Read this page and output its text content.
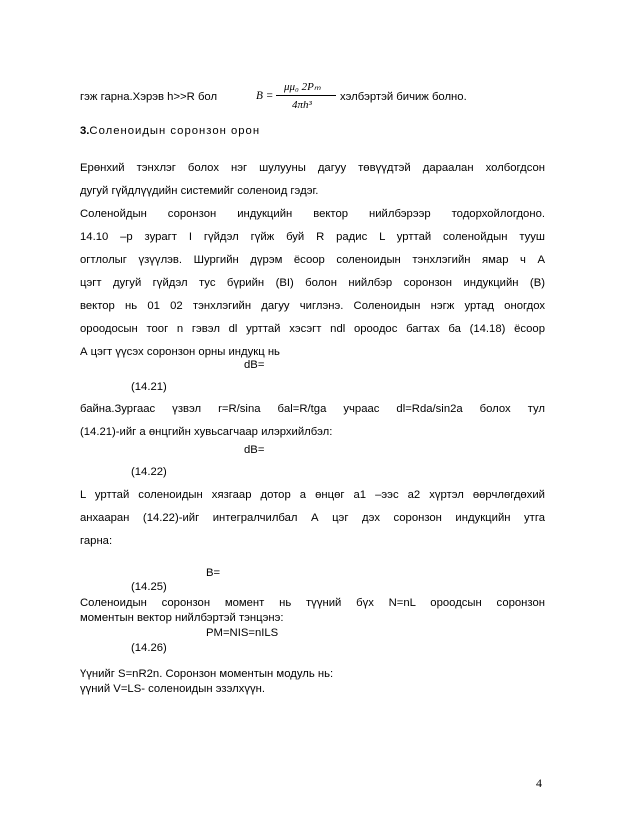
гэж гарна.Хэрэв h>>R бол	B =
μμ₀ 2Pₘ
4πh³
хэлбэртэй бичиж болно.
3.Соленоидын соронзон орон
Ерөнхий тэнхлэг болох нэг шулууны дагуу төвүүдтэй дараалан холбогдсон
дугуй гүйдлүүдийн системийг соленоид гэдэг.
Соленойдын соронзон индукцийн вектор нийлбэрээр тодорхойлогдоно.
14.10 –р зурагт I гүйдэл гүйж буй R радис L урттай соленойдын тууш
огтлолыг үзүүлэв. Шургийн дүрэм ёсоор соленоидын тэнхлэгийн ямар ч А
цэгт дугуй гүйдэл тус бүрийн (BI) болон нийлбэр соронзон индукцийн (B)
вектор нь 01 02 тэнхлэгийн дагуу чиглэнэ. Соленоидын нэгж уртад оногдох
ороодосын тоог n гэвэл dl урттай хэсэгт ndl ороодос багтах ба (14.18) ёсоор
А цэгт үүсэх соронзон орны индукц нь
dB=
(14.21)
байна.Зургаас үзвэл r=R/sina бal=R/tga учраас dl=Rda/sin2a болох тул
(14.21)-ийг а өнцгийн хувьсагчаар илэрхийлбэл:
dB=
(14.22)
L урттай соленоидын хязгаар дотор а өнцөг а1 –ээс а2 хүртэл өөрчлөгдөхий
анхааран (14.22)-ийг интегралчилбал А цэг дэх соронзон индукцийн утга
гарна:
B=
(14.25)
Соленоидын соронзон момент нь түүний бүх N=nL ороодсын соронзон
моментын вектор нийлбэртэй тэнцэнэ:
PM=NIS=nILS
(14.26)
Үүнийг S=nR2n. Соронзон моментын модуль нь:
үүний V=LS- соленоидын эзэлхүүн.
4
